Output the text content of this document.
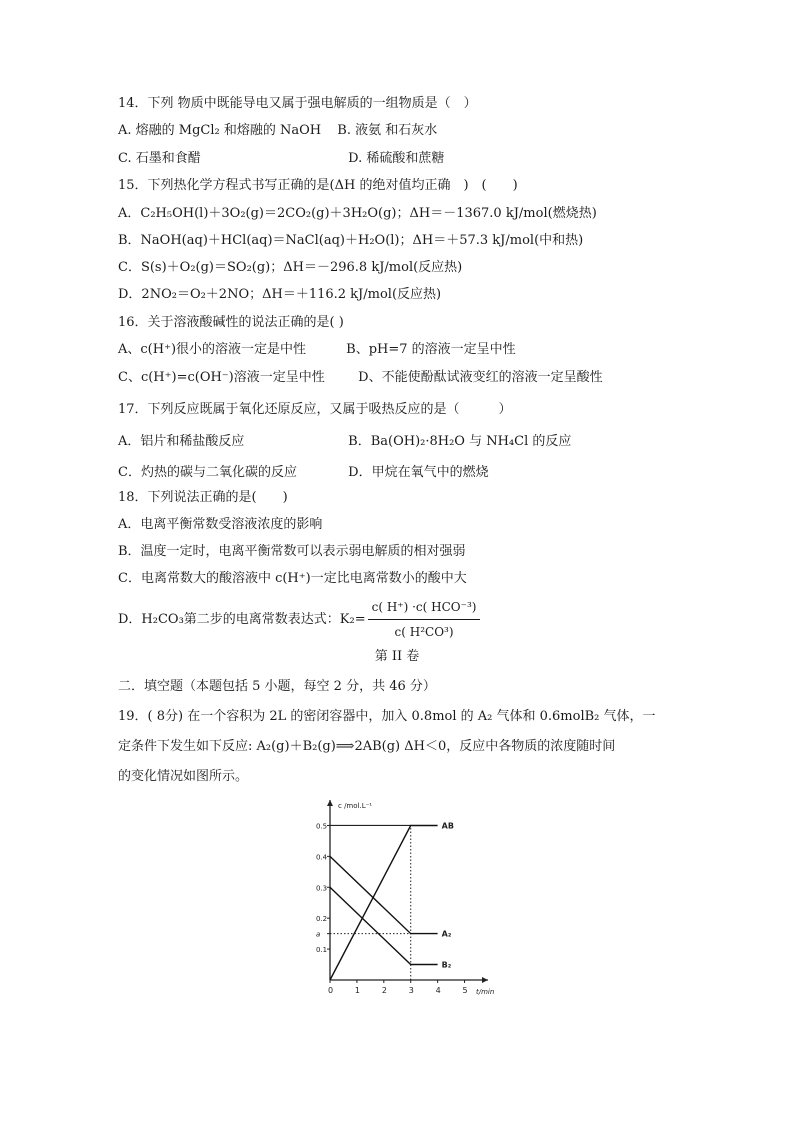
14．下列 物质中既能导电又属于强电解质的一组物质是（　）
A. 熔融的 MgCl₂ 和熔融的 NaOH B. 液氨 和石灰水
C. 石墨和食醋	D. 稀硫酸和蔗糖
15．下列热化学方程式书写正确的是(ΔH 的绝对值均正确　)　(　　)
A．C₂H₅OH(l)＋3O₂(g)＝2CO₂(g)＋3H₂O(g)；ΔH＝－1367.0 kJ/mol(燃烧热)
B．NaOH(aq)＋HCl(aq)＝NaCl(aq)＋H₂O(l)；ΔH＝＋57.3 kJ/mol(中和热)
C．S(s)＋O₂(g)＝SO₂(g)；ΔH＝－296.8 kJ/mol(反应热)
D．2NO₂＝O₂＋2NO；ΔH＝＋116.2 kJ/mol(反应热)
16．关于溶液酸碱性的说法正确的是( )
A、c(H⁺)很小的溶液一定是中性	B、pH=7 的溶液一定呈中性
C、c(H⁺)=c(OH⁻)溶液一定呈中性	D、不能使酚酞试液变红的溶液一定呈酸性
17．下列反应既属于氧化还原反应，又属于吸热反应的是（　　　）
A．铝片和稀盐酸反应	B．Ba(OH)₂·8H₂O 与 NH₄Cl 的反应
C．灼热的碳与二氧化碳的反应	D．甲烷在氧气中的燃烧
18．下列说法正确的是(　　)
A．电离平衡常数受溶液浓度的影响
B．温度一定时，电离平衡常数可以表示弱电解质的相对强弱
C．电离常数大的酸溶液中 c(H⁺)一定比电离常数小的酸中大
D．H₂CO₃第二步的电离常数表达式：$K_2= \frac{\text{c( H⁺) ·c( HCO⁻³)}}{\text{c( H²CO³)}}$
第 II 卷
二．填空题（本题包括 5 小题，每空 2 分，共 46 分）
19．( 8分) 在一个容积为 2L 的密闭容器中，加入 0.8mol 的 A₂ 气体和 0.6molB₂ 气体，一
定条件下发生如下反应: A₂(g)＋B₂(g)⟹2AB(g) ΔH＜0，反应中各物质的浓度随时间
的变化情况如图所示。
c /mol.L⁻¹
t/min
0	1	2	3	4	5
0.1
a
0.2
0.3
0.4
0.5	AB
A₂
B₂
